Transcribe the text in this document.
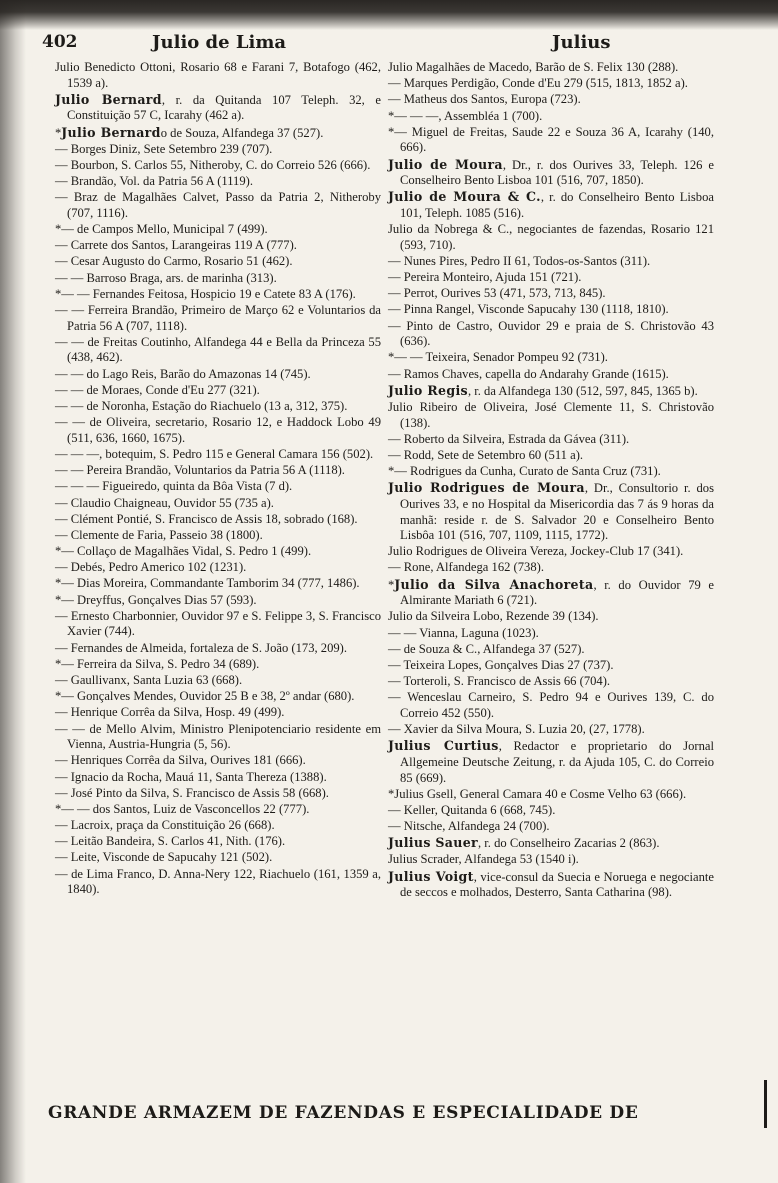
402	Julio de Lima	Julius

Julio Benedicto Ottoni, Rosario 68 e Farani 7, Botafogo (462, 1539 a).

Julio Bernard, r. da Quitanda 107 Teleph. 32, e Constituição 57 C, Icarahy (462 a).

*Julio Bernardo de Souza, Alfandega 37 (527).

— Borges Diniz, Sete Setembro 239 (707).

— Bourbon, S. Carlos 55, Nitheroby, C. do Correio 526 (666).

— Brandão, Vol. da Patria 56 A (1119).

— Braz de Magalhães Calvet, Passo da Patria 2, Nitheroby (707, 1116).

*— de Campos Mello, Municipal 7 (499).

— Carrete dos Santos, Larangeiras 119 A (777).

— Cesar Augusto do Carmo, Rosario 51 (462).

— — Barroso Braga, ars. de marinha (313).

*— — Fernandes Feitosa, Hospicio 19 e Catete 83 A (176).

— — Ferreira Brandão, Primeiro de Março 62 e Voluntarios da Patria 56 A (707, 1118).

— — de Freitas Coutinho, Alfandega 44 e Bella da Princeza 55 (438, 462).

— — do Lago Reis, Barão do Amazonas 14 (745).

— — de Moraes, Conde d'Eu 277 (321).

— — de Noronha, Estação do Riachuelo (13 a, 312, 375).

— — de Oliveira, secretario, Rosario 12, e Haddock Lobo 49 (511, 636, 1660, 1675).

— — —, botequim, S. Pedro 115 e General Camara 156 (502).

— — Pereira Brandão, Voluntarios da Patria 56 A (1118).

— — — Figueiredo, quinta da Bôa Vista (7 d).

— Claudio Chaigneau, Ouvidor 55 (735 a).

— Clément Pontié, S. Francisco de Assis 18, sobrado (168).

— Clemente de Faria, Passeio 38 (1800).

*— Collaço de Magalhães Vidal, S. Pedro 1 (499).

— Debés, Pedro Americo 102 (1231).

*— Dias Moreira, Commandante Tamborim 34 (777, 1486).

*— Dreyffus, Gonçalves Dias 57 (593).

— Ernesto Charbonnier, Ouvidor 97 e S. Felippe 3, S. Francisco Xavier (744).

— Fernandes de Almeida, fortaleza de S. João (173, 209).

*— Ferreira da Silva, S. Pedro 34 (689).

— Gaullivanx, Santa Luzia 63 (668).

*— Gonçalves Mendes, Ouvidor 25 B e 38, 2º andar (680).

— Henrique Corrêa da Silva, Hosp. 49 (499).

— — de Mello Alvim, Ministro Plenipotenciario residente em Vienna, Austria-Hungria (5, 56).

— Henriques Corrêa da Silva, Ourives 181 (666).

— Ignacio da Rocha, Mauá 11, Santa Thereza (1388).

— José Pinto da Silva, S. Francisco de Assis 58 (668).

*— — dos Santos, Luiz de Vasconcellos 22 (777).

— Lacroix, praça da Constituição 26 (668).

— Leitão Bandeira, S. Carlos 41, Nith. (176).

— Leite, Visconde de Sapucahy 121 (502).

— de Lima Franco, D. Anna-Nery 122, Riachuelo (161, 1359 a, 1840).

Julio Magalhães de Macedo, Barão de S. Felix 130 (288).

— Marques Perdigão, Conde d'Eu 279 (515, 1813, 1852 a).

— Matheus dos Santos, Europa (723).

*— — —, Assembléa 1 (700).

*— Miguel de Freitas, Saude 22 e Souza 36 A, Icarahy (140, 666).

Julio de Moura, Dr., r. dos Ourives 33, Teleph. 126 e Conselheiro Bento Lisboa 101 (516, 707, 1850).

Julio de Moura & C., r. do Conselheiro Bento Lisboa 101, Teleph. 1085 (516).

Julio da Nobrega & C., negociantes de fazendas, Rosario 121 (593, 710).

— Nunes Pires, Pedro II 61, Todos-os-Santos (311).

— Pereira Monteiro, Ajuda 151 (721).

— Perrot, Ourives 53 (471, 573, 713, 845).

— Pinna Rangel, Visconde Sapucahy 130 (1118, 1810).

— Pinto de Castro, Ouvidor 29 e praia de S. Christovão 43 (636).

*— — Teixeira, Senador Pompeu 92 (731).

— Ramos Chaves, capella do Andarahy Grande (1615).

Julio Regis, r. da Alfandega 130 (512, 597, 845, 1365 b).

Julio Ribeiro de Oliveira, José Clemente 11, S. Christovão (138).

— Roberto da Silveira, Estrada da Gávea (311).

— Rodd, Sete de Setembro 60 (511 a).

*— Rodrigues da Cunha, Curato de Santa Cruz (731).

Julio Rodrigues de Moura, Dr., Consultorio r. dos Ourives 33, e no Hospital da Misericordia das 7 ás 9 horas da manhã: reside r. de S. Salvador 20 e Conselheiro Bento Lisbôa 101 (516, 707, 1109, 1115, 1772).

Julio Rodrigues de Oliveira Vereza, Jockey-Club 17 (341).

— Rone, Alfandega 162 (738).

*Julio da Silva Anachoreta, r. do Ouvidor 79 e Almirante Mariath 6 (721).

Julio da Silveira Lobo, Rezende 39 (134).

— — Vianna, Laguna (1023).

— de Souza & C., Alfandega 37 (527).

— Teixeira Lopes, Gonçalves Dias 27 (737).

— Torteroli, S. Francisco de Assis 66 (704).

— Wenceslau Carneiro, S. Pedro 94 e Ourives 139, C. do Correio 452 (550).

— Xavier da Silva Moura, S. Luzia 20, (27, 1778).

Julius Curtius, Redactor e proprietario do Jornal Allgemeine Deutsche Zeitung, r. da Ajuda 105, C. do Correio 85 (669).

*Julius Gsell, General Camara 40 e Cosme Velho 63 (666).

— Keller, Quitanda 6 (668, 745).

— Nitsche, Alfandega 24 (700).

Julius Sauer, r. do Conselheiro Zacarias 2 (863).

Julius Scrader, Alfandega 53 (1540 i).

Julius Voigt, vice-consul da Suecia e Noruega e negociante de seccos e molhados, Desterro, Santa Catharina (98).

GRANDE ARMAZEM DE FAZENDAS E ESPECIALIDADE DE
